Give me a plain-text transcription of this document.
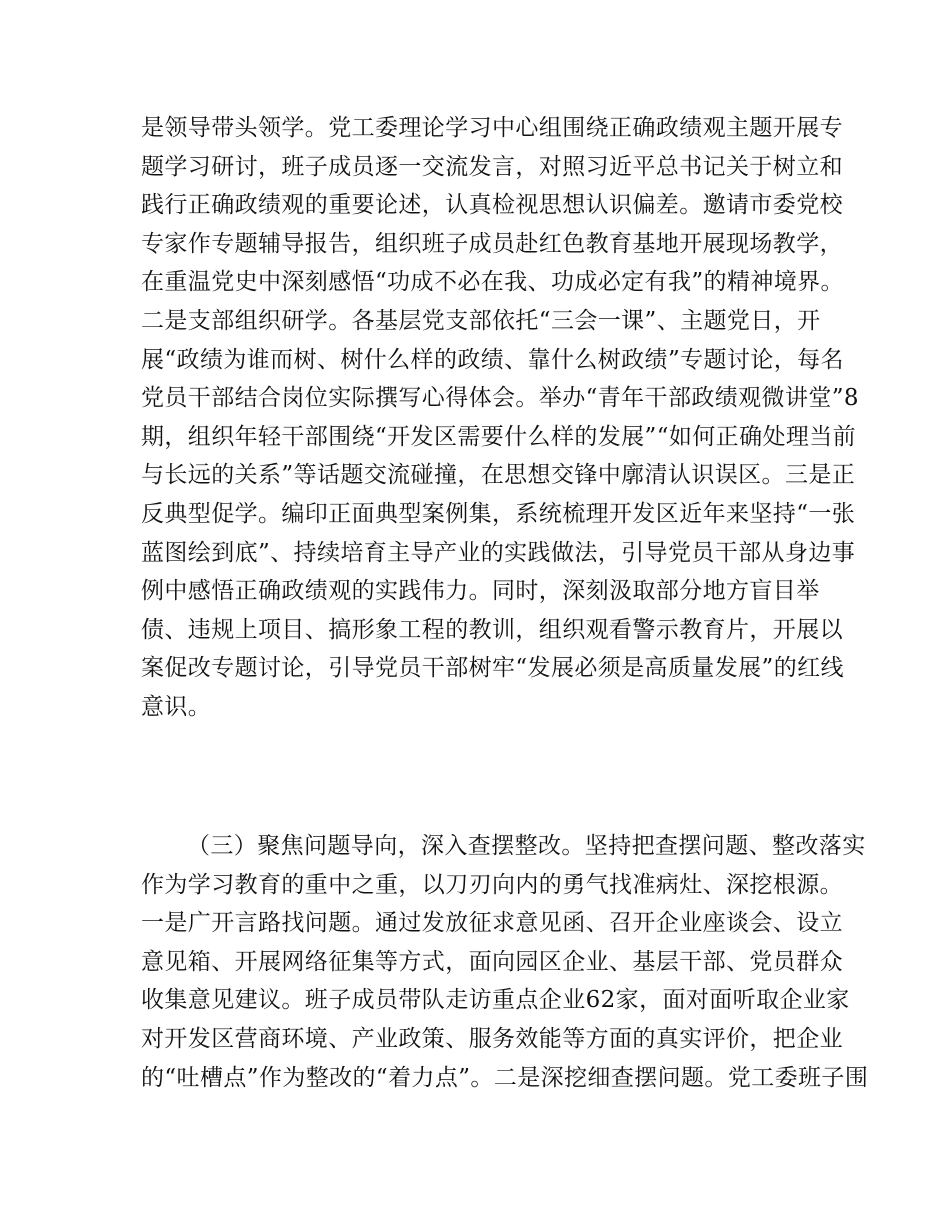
是领导带头领学。党工委理论学习中心组围绕正确政绩观主题开展专
题学习研讨，班子成员逐一交流发言，对照习近平总书记关于树立和
践行正确政绩观的重要论述，认真检视思想认识偏差。邀请市委党校
专家作专题辅导报告，组织班子成员赴红色教育基地开展现场教学，
在重温党史中深刻感悟“功成不必在我、功成必定有我”的精神境界。
二是支部组织研学。各基层党支部依托“三会一课”、主题党日，开
展“政绩为谁而树、树什么样的政绩、靠什么树政绩”专题讨论，每名
党员干部结合岗位实际撰写心得体会。举办“青年干部政绩观微讲堂”8
期，组织年轻干部围绕“开发区需要什么样的发展”“如何正确处理当前
与长远的关系”等话题交流碰撞，在思想交锋中廓清认识误区。三是正
反典型促学。编印正面典型案例集，系统梳理开发区近年来坚持“一张
蓝图绘到底”、持续培育主导产业的实践做法，引导党员干部从身边事
例中感悟正确政绩观的实践伟力。同时，深刻汲取部分地方盲目举
债、违规上项目、搞形象工程的教训，组织观看警示教育片，开展以
案促改专题讨论，引导党员干部树牢“发展必须是高质量发展”的红线
意识。
（三）聚焦问题导向，深入查摆整改。坚持把查摆问题、整改落实
作为学习教育的重中之重，以刀刃向内的勇气找准病灶、深挖根源。
一是广开言路找问题。通过发放征求意见函、召开企业座谈会、设立
意见箱、开展网络征集等方式，面向园区企业、基层干部、党员群众
收集意见建议。班子成员带队走访重点企业62家，面对面听取企业家
对开发区营商环境、产业政策、服务效能等方面的真实评价，把企业
的“吐槽点”作为整改的“着力点”。二是深挖细查摆问题。党工委班子围
